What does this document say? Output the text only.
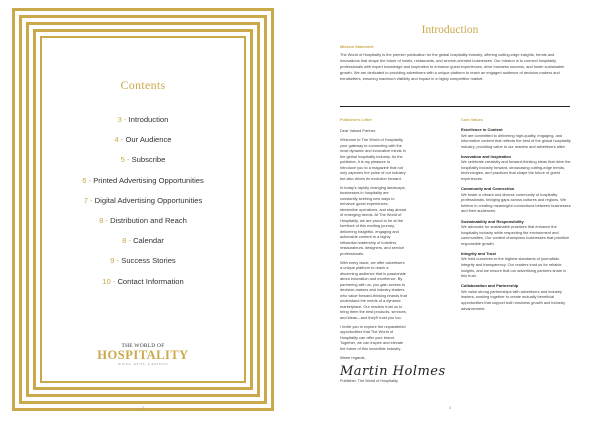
Contents
3 - Introduction
4 - Our Audience
5 - Subscribe
6 - Printed Advertising Opportunities
7 - Digital Advertising Opportunities
8 - Distribution and Reach
8 - Calendar
9 - Success Stories
10 - Contact Information
THE WORLD OF
HOSPITALITY
DINING, EXITS, & ENTRAIN
2
Introduction
Mission Statement
The World of Hospitality is the premier publication for the global hospitality industry, offering cutting-edge insights, trends and innovations that shape the future of hotels, restaurants, and service-oriented businesses. Our mission is to connect hospitality professionals with expert knowledge and inspiration to enhance guest experiences, drive business success, and foster sustainable growth. We are dedicated to providing advertisers with a unique platform to reach an engaged audience of decision-makers and trendsetters, ensuring maximum visibility and impact in a highly competitive market.
Publisher's Letter

Dear Valued Partner,

Welcome to The World of Hospitality, your gateway to connecting with the most dynamic and innovative minds in the global hospitality industry. As the publisher, it is my pleasure to introduce you to a magazine that not only captures the pulse of our industry but also drives its evolution forward.

In today's rapidly changing landscape, businesses in hospitality are constantly seeking new ways to enhance guest experiences, streamline operations, and stay ahead of emerging trends. At The World of Hospitality, we are proud to be at the forefront of this exciting journey, delivering insightful, engaging and actionable content to a highly influential readership of hoteliers, restaurateurs, designers, and service professionals.

With every issue, we offer advertisers a unique platform to reach a discerning audience that is passionate about innovation and excellence. By partnering with us, you gain access to decision-makers and industry leaders who value forward-thinking brands that understand the needs of a dynamic marketplace. Our readers trust us to bring them the best products, services, and ideas—and they'll trust you too.

I invite you to explore the unparalleled opportunities that The World of Hospitality can offer your brand. Together, we can inspire and elevate the future of this incredible industry.

Warm regards,

Martin Holmes
Publisher, The World of Hospitality
Core Values
Excellence in Content
We are committed to delivering high-quality, engaging, and informative content that reflects the best of the global hospitality industry, providing value to our readers and advertisers alike.
Innovation and Inspiration
We celebrate creativity and forward-thinking ideas that drive the hospitality industry forward, showcasing cutting-edge trends, technologies, and practices that shape the future of guest experiences.
Community and Connection
We foster a vibrant and diverse community of hospitality professionals, bridging gaps across cultures and regions. We believe in creating meaningful connections between businesses and their audiences.
Sustainability and Responsibility
We advocate for sustainable practices that enhance the hospitality industry while respecting the environment and communities. Our content champions businesses that prioritize responsible growth.
Integrity and Trust
We hold ourselves to the highest standards of journalistic integrity and transparency. Our readers trust us for reliable insights, and we ensure that our advertising partners share in this trust.
Collaboration and Partnership
We value strong partnerships with advertisers and industry leaders, working together to create mutually beneficial opportunities that support both business growth and industry advancement.
3
